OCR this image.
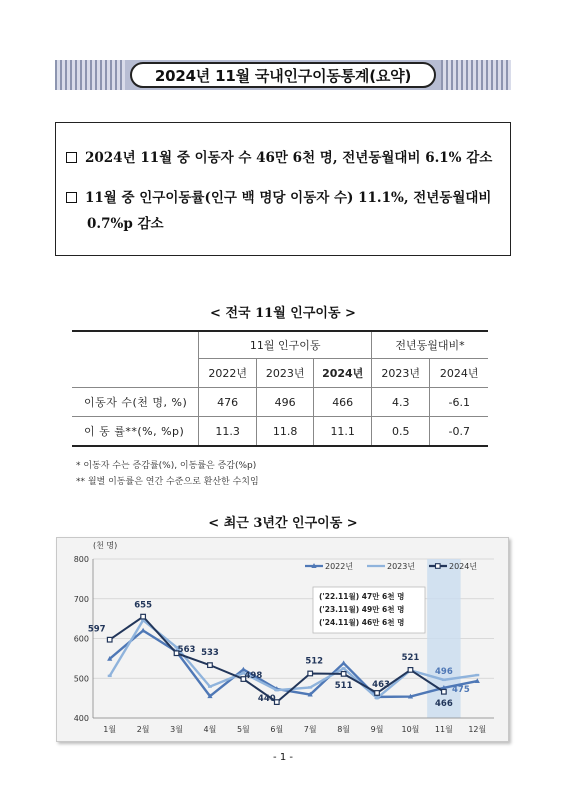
2024년 11월 국내인구이동통계(요약)
2024년 11월 중 이동자 수 46만 6천 명, 전년동월대비 6.1% 감소
11월 중 인구이동률(인구 백 명당 이동자 수) 11.1%, 전년동월대비
0.7%p 감소
< 전국 11월 인구이동 >
	11월 인구이동			전년동월대비*	
	2022년	2023년	2024년	2023년	2024년
이동자 수(천 명, %)	476	496	466	4.3	-6.1
이 동 률**(%, %p)	11.3	11.8	11.1	0.5	-0.7
* 이동자 수는 증감률(%), 이동률은 증감(%p)
** 월별 이동률은 연간 수준으로 환산한 수치임
< 최근 3년간 인구이동 >
(천 명)
400
500
600
700
800
1월	2월	3월	4월	5월	6월	7월	8월	9월 10월 11월 12월
597
655
563 533
498
440
512
511 463
521
466
496
475
2022년	2023년	2024년
('22.11월) 47만 6천 명
('23.11월) 49만 6천 명
('24.11월) 46만 6천 명
- 1 -
